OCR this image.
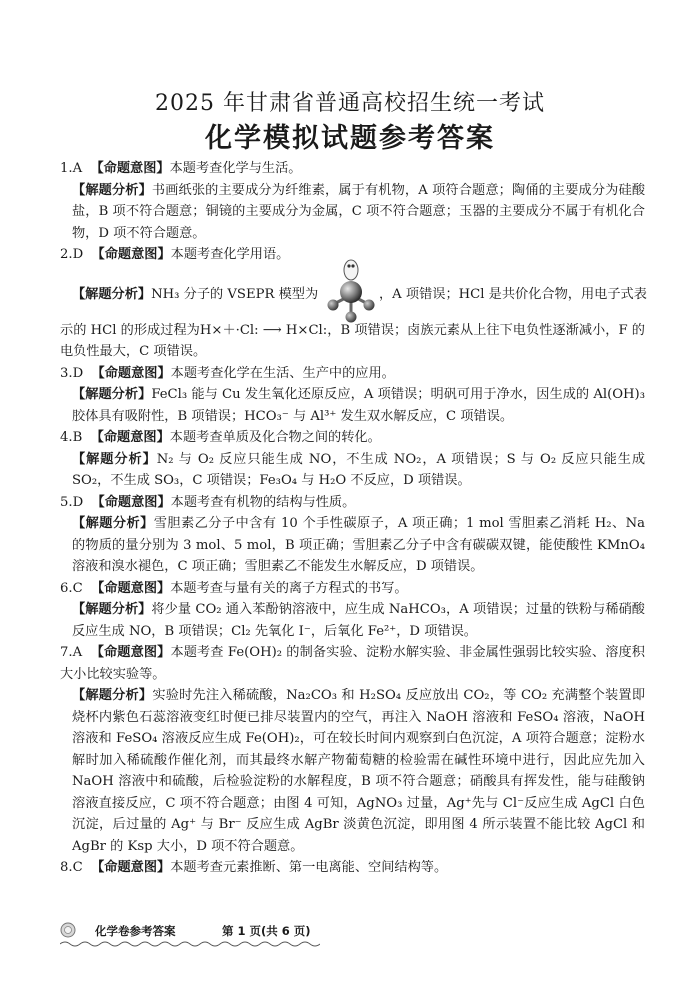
2025 年甘肃省普通高校招生统一考试
化学模拟试题参考答案

1.A 【命题意图】本题考查化学与生活。

【解题分析】书画纸张的主要成分为纤维素，属于有机物，A 项符合题意；陶俑的主要成分为硅酸盐，B 项不符合题意；铜镜的主要成分为金属，C 项不符合题意；玉器的主要成分不属于有机化合物，D 项不符合题意。

2.D 【命题意图】本题考查化学用语。

【解题分析】NH₃ 分子的 VSEPR 模型为	，A 项错误；HCl 是共价化合物，用电子式表

示的 HCl 的形成过程为H×＋·Cl: ⟶ H×Cl:，B 项错误；卤族元素从上往下电负性逐渐减小，F 的电负性最大，C 项错误。

3.D 【命题意图】本题考查化学在生活、生产中的应用。

【解题分析】FeCl₃ 能与 Cu 发生氧化还原反应，A 项错误；明矾可用于净水，因生成的 Al(OH)₃ 胶体具有吸附性，B 项错误；HCO₃⁻ 与 Al³⁺ 发生双水解反应，C 项错误。

4.B 【命题意图】本题考查单质及化合物之间的转化。

【解题分析】N₂ 与 O₂ 反应只能生成 NO，不生成 NO₂，A 项错误；S 与 O₂ 反应只能生成 SO₂，不生成 SO₃，C 项错误；Fe₃O₄ 与 H₂O 不反应，D 项错误。

5.D 【命题意图】本题考查有机物的结构与性质。

【解题分析】雪胆素乙分子中含有 10 个手性碳原子，A 项正确；1 mol 雪胆素乙消耗 H₂、Na 的物质的量分别为 3 mol、5 mol，B 项正确；雪胆素乙分子中含有碳碳双键，能使酸性 KMnO₄ 溶液和溴水褪色，C 项正确；雪胆素乙不能发生水解反应，D 项错误。

6.C 【命题意图】本题考查与量有关的离子方程式的书写。

【解题分析】将少量 CO₂ 通入苯酚钠溶液中，应生成 NaHCO₃，A 项错误；过量的铁粉与稀硝酸反应生成 NO，B 项错误；Cl₂ 先氧化 I⁻，后氧化 Fe²⁺，D 项错误。

7.A 【命题意图】本题考查 Fe(OH)₂ 的制备实验、淀粉水解实验、非金属性强弱比较实验、溶度积大小比较实验等。

【解题分析】实验时先注入稀硫酸，Na₂CO₃ 和 H₂SO₄ 反应放出 CO₂，等 CO₂ 充满整个装置即烧杯内紫色石蕊溶液变红时便已排尽装置内的空气，再注入 NaOH 溶液和 FeSO₄ 溶液，NaOH 溶液和 FeSO₄ 溶液反应生成 Fe(OH)₂，可在较长时间内观察到白色沉淀，A 项符合题意；淀粉水解时加入稀硫酸作催化剂，而其最终水解产物葡萄糖的检验需在碱性环境中进行，因此应先加入 NaOH 溶液中和硫酸，后检验淀粉的水解程度，B 项不符合题意；硝酸具有挥发性，能与硅酸钠溶液直接反应，C 项不符合题意；由图 4 可知，AgNO₃ 过量，Ag⁺先与 Cl⁻反应生成 AgCl 白色沉淀，后过量的 Ag⁺ 与 Br⁻ 反应生成 AgBr 淡黄色沉淀，即用图 4 所示装置不能比较 AgCl 和 AgBr 的 Ksp 大小，D 项不符合题意。

8.C 【命题意图】本题考查元素推断、第一电离能、空间结构等。

化学卷参考答案	第 1 页(共 6 页)
